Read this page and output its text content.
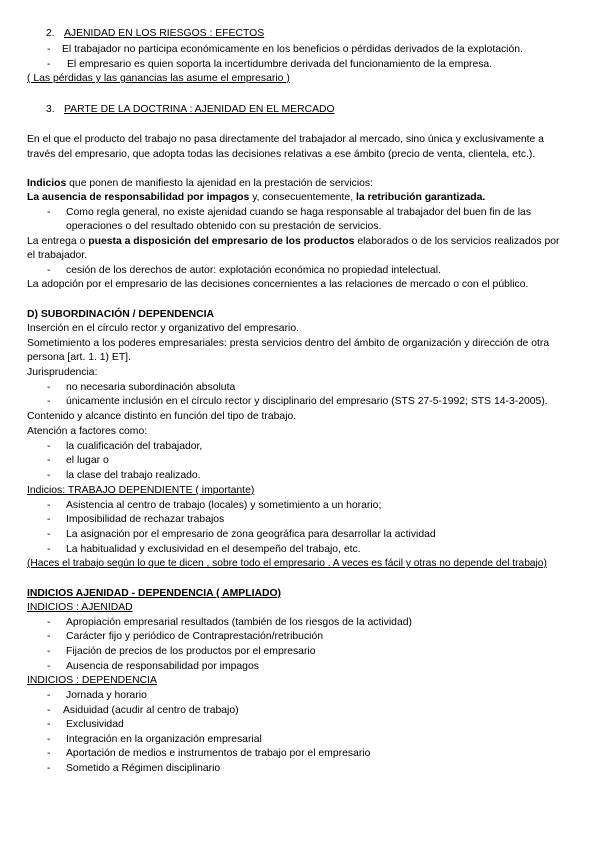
2. AJENIDAD EN LOS RIESGOS : EFECTOS
- El trabajador no participa económicamente en los beneficios o pérdidas derivados de la explotación.
- El empresario es quien soporta la incertidumbre derivada del funcionamiento de la empresa.
( Las pérdidas y las ganancias las asume el empresario )
3. PARTE DE LA DOCTRINA : AJENIDAD EN EL MERCADO
En el que el producto del trabajo no pasa directamente del trabajador al mercado, sino única y exclusivamente a
través del empresario, que adopta todas las decisiones relativas a ese ámbito (precio de venta, clientela, etc.).
Indicios que ponen de manifiesto la ajenidad en la prestación de servicios:
La ausencia de responsabilidad por impagos y, consecuentemente, la retribución garantizada.
- Como regla general, no existe ajenidad cuando se haga responsable al trabajador del buen fin de las
operaciones o del resultado obtenido con su prestación de servicios.
La entrega o puesta a disposición del empresario de los productos elaborados o de los servicios realizados por
el trabajador.
- cesión de los derechos de autor: explotación económica no propiedad intelectual.
La adopción por el empresario de las decisiones concernientes a las relaciones de mercado o con el público.
D) SUBORDINACIÓN / DEPENDENCIA
Inserción en el círculo rector y organizativo del empresario.
Sometimiento a los poderes empresariales: presta servicios dentro del ámbito de organización y dirección de otra
persona [art. 1. 1) ET].
Jurisprudencia:
- no necesaria subordinación absoluta
- únicamente inclusión en el círculo rector y disciplinario del empresario (STS 27-5-1992; STS 14-3-2005).
Contenido y alcance distinto en función del tipo de trabajo.
Atención a factores como:
- la cualificación del trabajador,
- el lugar o
- la clase del trabajo realizado.
Indicios: TRABAJO DEPENDIENTE ( importante)
- Asistencia al centro de trabajo (locales) y sometimiento a un horario;
- Imposibilidad de rechazar trabajos
- La asignación por el empresario de zona geográfica para desarrollar la actividad
- La habitualidad y exclusividad en el desempeño del trabajo, etc.
(Haces el trabajo según lo que te dicen , sobre todo el empresario . A veces es fácil y otras no depende del trabajo)
INDICIOS AJENIDAD - DEPENDENCIA ( AMPLIADO)
INDICIOS : AJENIDAD
- Apropiación empresarial resultados (también de los riesgos de la actividad)
- Carácter fijo y periódico de Contraprestación/retribución
- Fijación de precios de los productos por el empresario
- Ausencia de responsabilidad por impagos
INDICIOS : DEPENDENCIA
- Jornada y horario
- Asiduidad (acudir al centro de trabajo)
- Exclusividad
- Integración en la organización empresarial
- Aportación de medios e instrumentos de trabajo por el empresario
- Sometido a Régimen disciplinario
